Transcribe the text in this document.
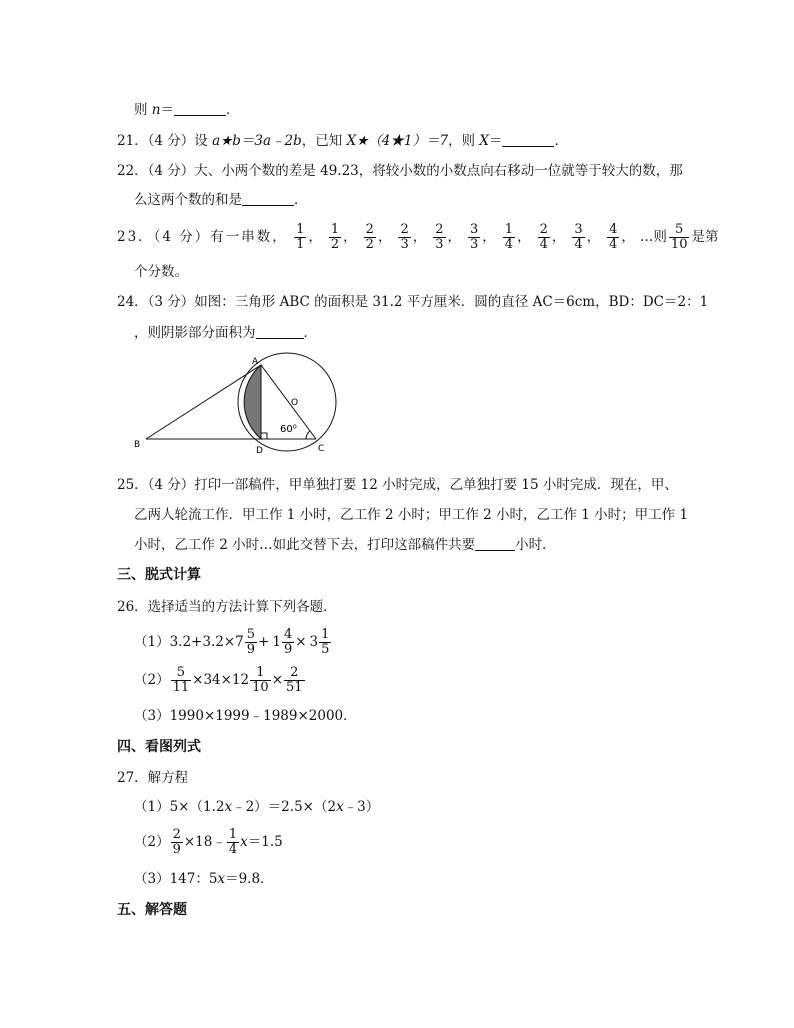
则 n＝	．
21．（4 分）设 a★b＝3a﹣2b，已知 X★（4★1）＝7，则 X＝	．
22．（4 分）大、小两个数的差是 49.23，将较小数的小数点向右移动一位就等于较大的数，那
么这两个数的和是	．
23．（4 分）有一串数， $\frac{1}{1}$ ， $\frac{1}{2}$ ， $\frac{2}{2}$ ， $\frac{2}{3}$ ， $\frac{2}{3}$ ， $\frac{3}{3}$ ， $\frac{1}{4}$ ， $\frac{2}{4}$ ， $\frac{3}{4}$ ， $\frac{4}{4}$ ， …则 $\frac{5}{10}$ 是第
个分数。
24．（3 分）如图：三角形 ABC 的面积是 31.2 平方厘米．圆的直径 AC＝6cm，BD：DC＝2：1
，则阴影部分面积为	．
A
B	C
D
O
60⁰
25．（4 分）打印一部稿件，甲单独打要 12 小时完成，乙单独打要 15 小时完成．现在，甲、
乙两人轮流工作．甲工作 1 小时，乙工作 2 小时；甲工作 2 小时，乙工作 1 小时；甲工作 1
小时，乙工作 2 小时…如此交替下去，打印这部稿件共要	小时．
三、脱式计算
26．选择适当的方法计算下列各题．
$(1)3.2+3.2\times 7 \frac{5}{9} + 1 \frac{4}{9} \times 3 \frac{1}{5}$
$(2) \frac{5}{11} \times 34\times 12 \frac{1}{10} \times \frac{2}{51}$
（3）1990×1999﹣1989×2000．
四、看图列式
27．解方程
（1）5×（1.2x﹣2）＝2.5×（2x﹣3）
$(2) \frac{2}{9}$ ×18﹣ $\frac{1}{4} x=1.5$
（3）147：5x＝9.8．
五、解答题
